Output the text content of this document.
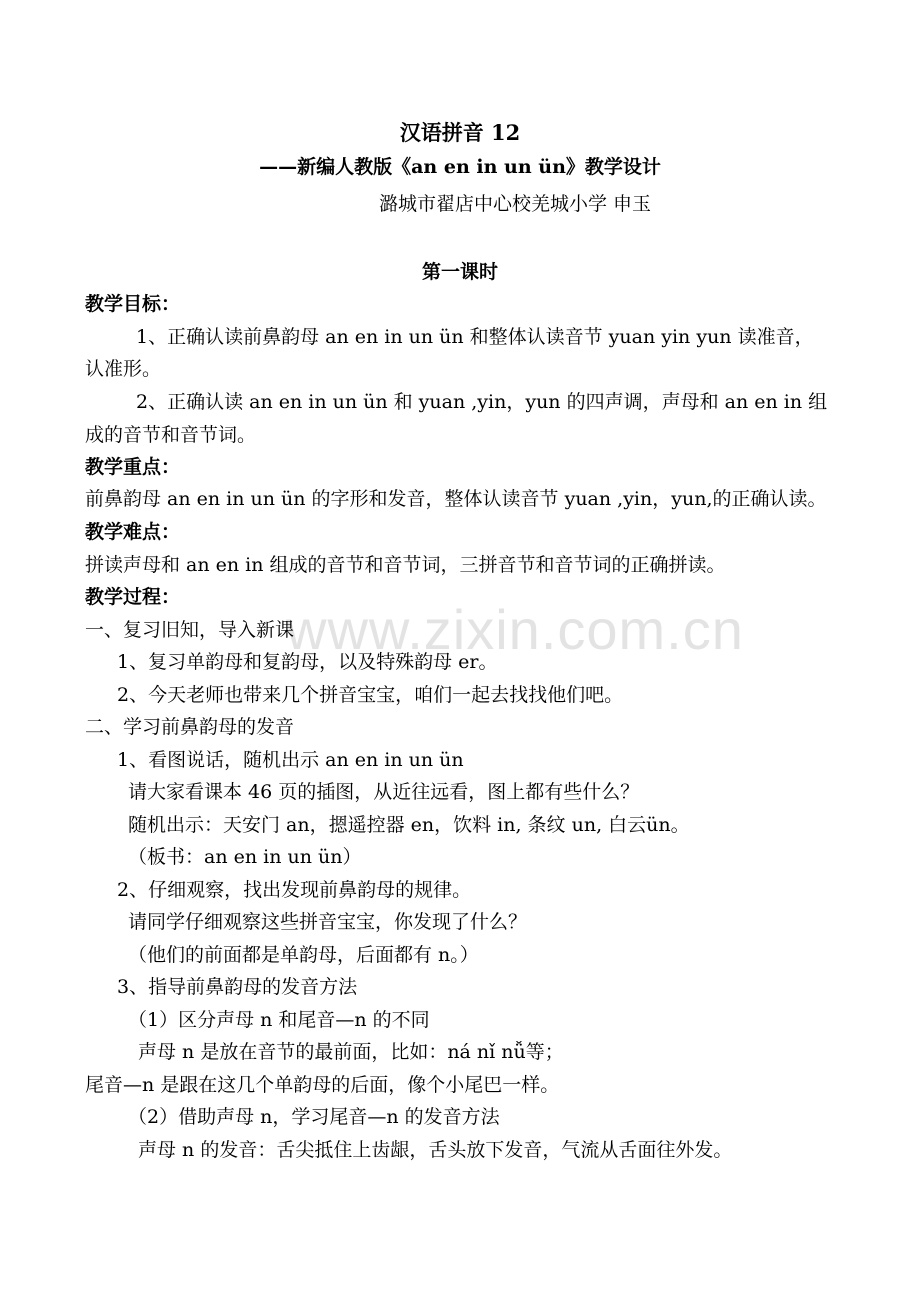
www.zixin.com.cn
汉语拼音 12
——新编人教版《an en in un ün》教学设计
潞城市翟店中心校羌城小学 申玉
第一课时
教学目标：
1、正确认读前鼻韵母 an en in un ün 和整体认读音节 yuan yin yun 读准音，
认准形。
2、正确认读 an en in un ün 和 yuan ,yin，yun 的四声调，声母和 an en in 组
成的音节和音节词。
教学重点：
前鼻韵母 an en in un ün 的字形和发音，整体认读音节 yuan ,yin，yun,的正确认读。
教学难点：
拼读声母和 an en in 组成的音节和音节词，三拼音节和音节词的正确拼读。
教学过程：
一、复习旧知，导入新课
1、复习单韵母和复韵母，以及特殊韵母 er。
2、今天老师也带来几个拼音宝宝，咱们一起去找找他们吧。
二、学习前鼻韵母的发音
1、看图说话，随机出示 an en in un ün
请大家看课本 46 页的插图，从近往远看，图上都有些什么？
随机出示：天安门 an，摁遥控器 en，饮料 in, 条纹 un, 白云ün。
（板书：an en in un ün）
2、仔细观察，找出发现前鼻韵母的规律。
请同学仔细观察这些拼音宝宝，你发现了什么？
（他们的前面都是单韵母，后面都有 n。）
3、指导前鼻韵母的发音方法
（1）区分声母 n 和尾音—n 的不同
声母 n 是放在音节的最前面，比如：ná nǐ nǚ等；
尾音—n 是跟在这几个单韵母的后面，像个小尾巴一样。
（2）借助声母 n，学习尾音—n 的发音方法
声母 n 的发音：舌尖抵住上齿龈，舌头放下发音，气流从舌面往外发。
